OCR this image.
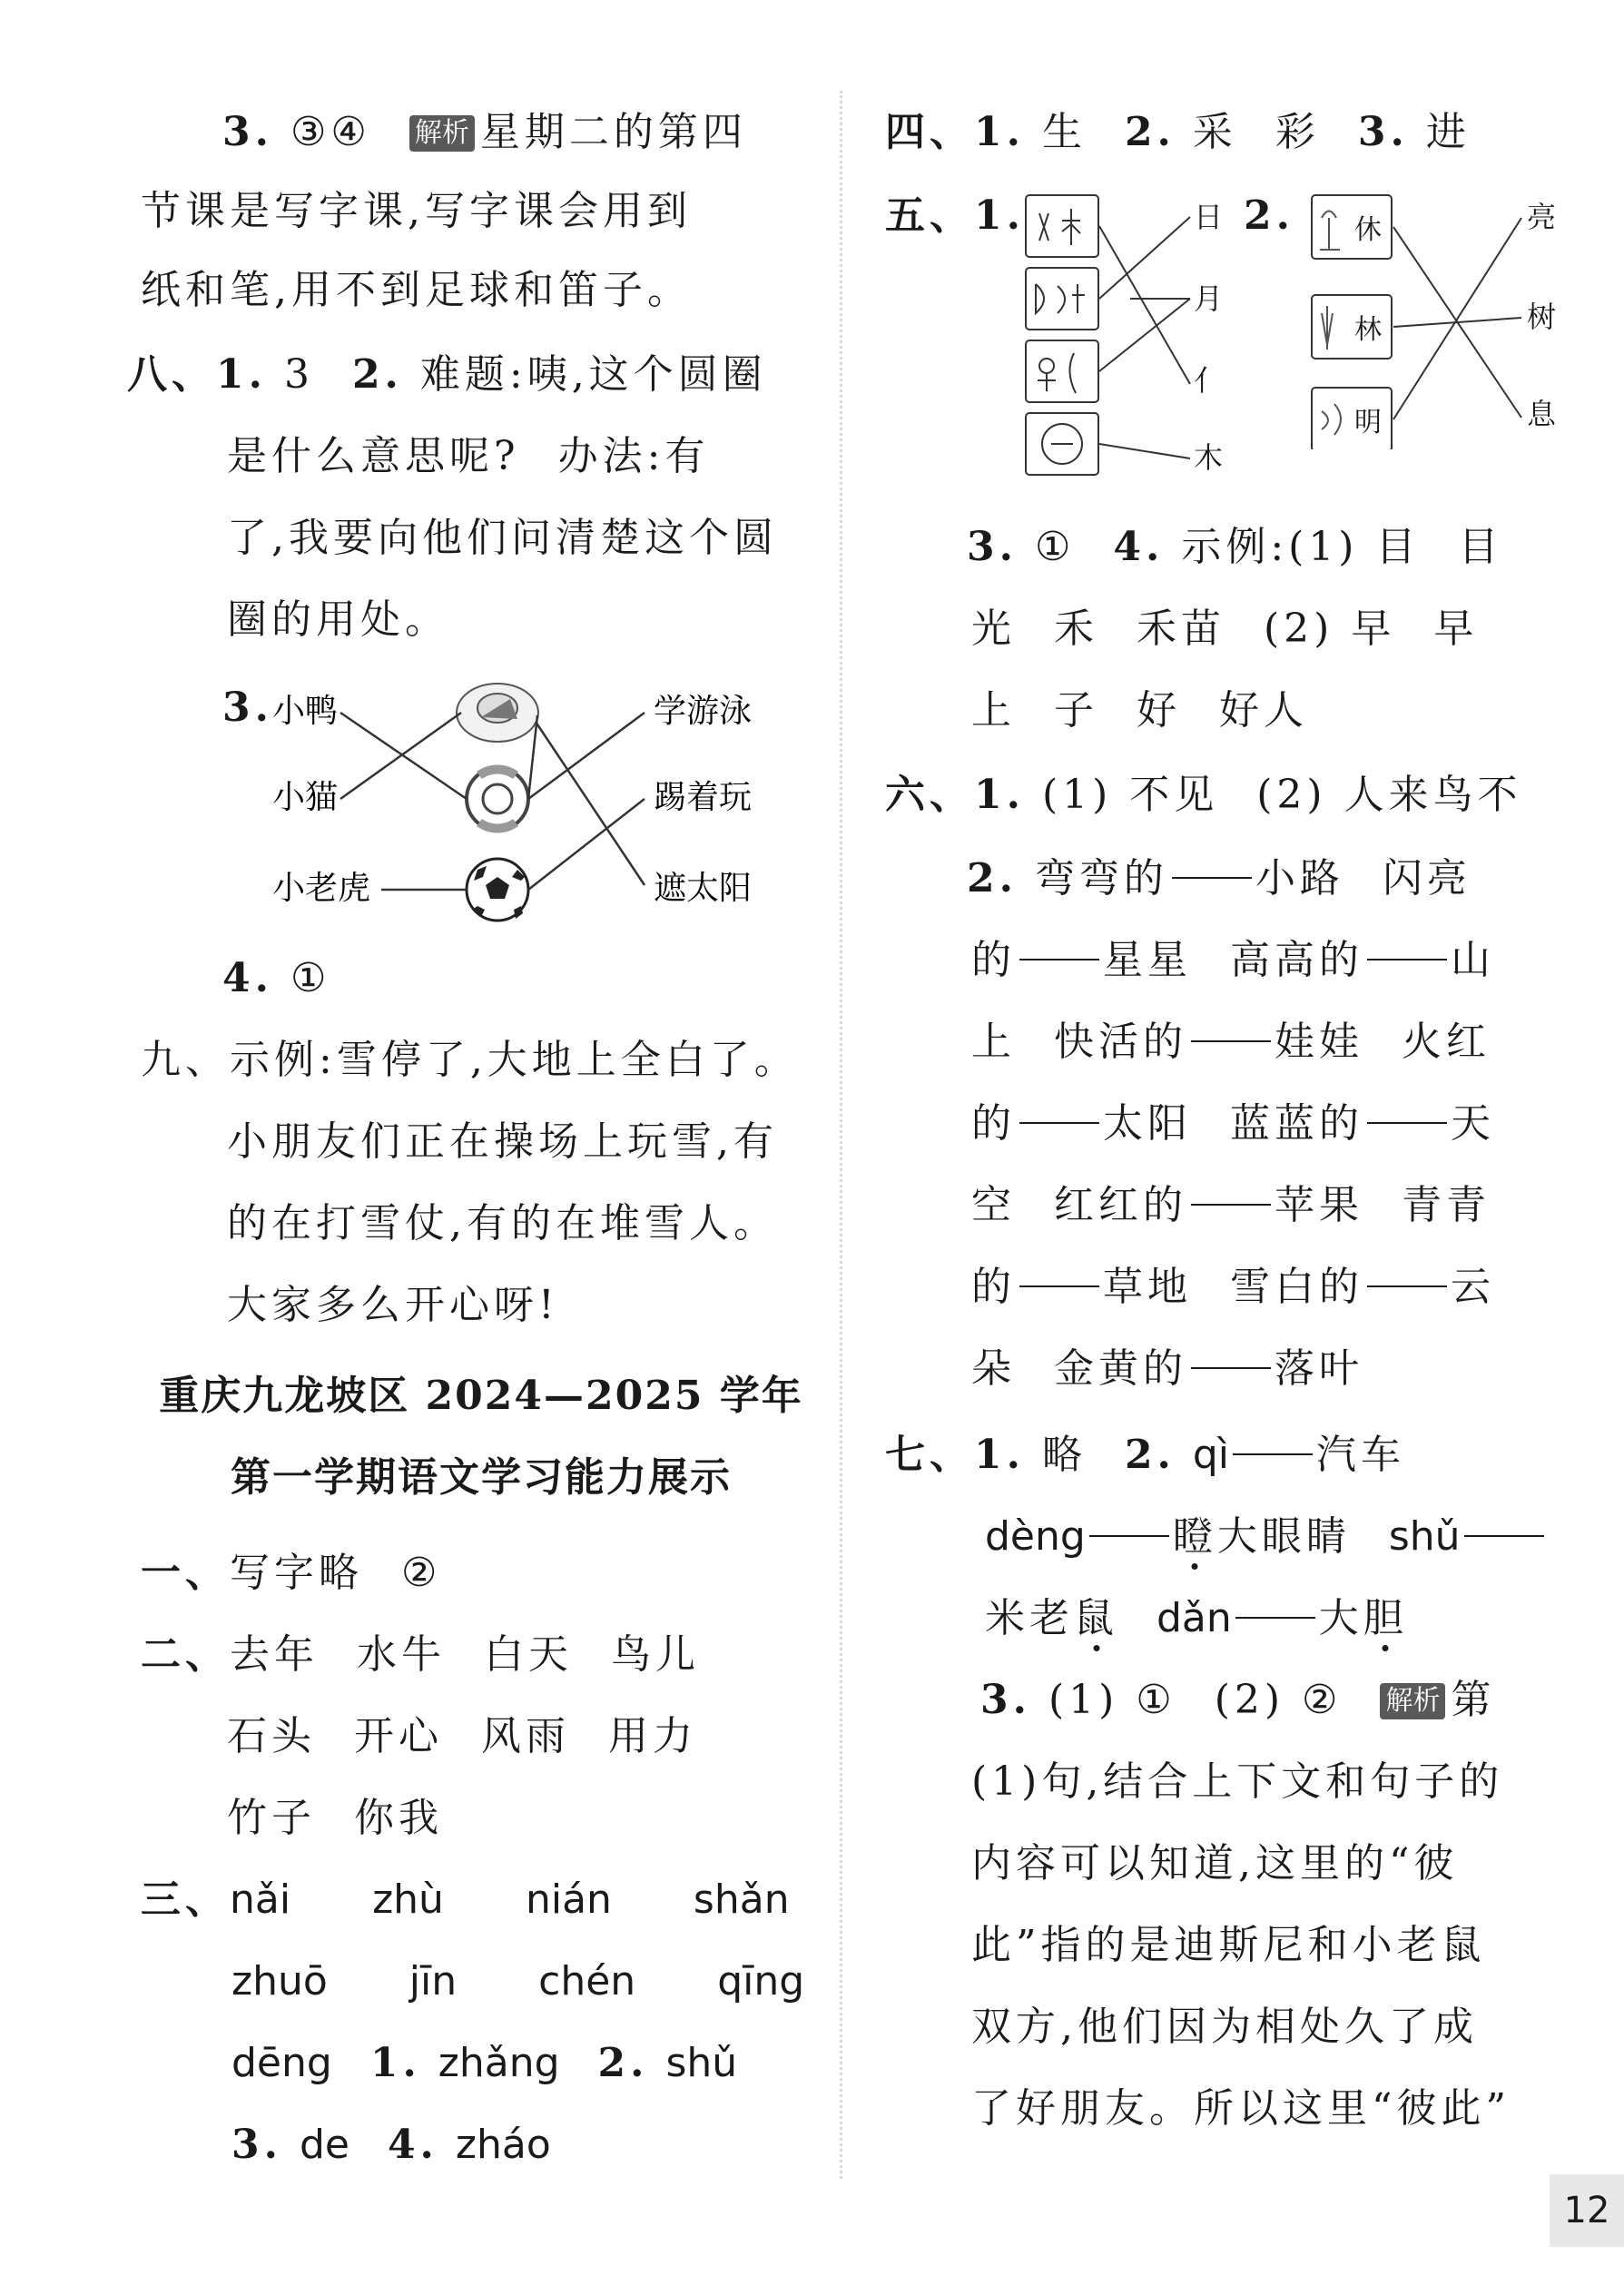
3. ③④ 解析 星期二的第四
节课是写字课,写字课会用到
纸和笔,用不到足球和笛子。
八、1. 3 2. 难题:咦,这个圆圈
是什么意思呢? 办法:有
了,我要向他们问清楚这个圆
圈的用处。
3. 小鸭
小猫
小老虎
学游泳
踢着玩
遮太阳
4. ①
九、示例:雪停了,大地上全白了。
小朋友们正在操场上玩雪,有
的在打雪仗,有的在堆雪人。
大家多么开心呀!
重庆九龙坡区 2024—2025 学年
第一学期语文学习能力展示
一、写字略 ②
二、去年 水牛 白天 鸟儿
石头 开心 风雨 用力
竹子 你我
三、nǎi zhù nián shǎn
zhuō jīn chén qīng
dēng 1. zhǎng 2. shǔ
3. de 4. zháo
四、1. 生 2. 采 彩 3. 进
五、1.	日
月
亻
木
2. 休
林
明
亮
树
息
3. ① 4. 示例:(1) 目 目
光 禾 禾苗 (2) 早 早
上 子 好 好人
六、1. (1) 不见 (2) 人来鸟不
2. 弯弯的 小路 闪亮
的 星星 高高的 山
上 快活的 娃娃 火红
的 太阳 蓝蓝的 天
空 红红的 苹果 青青
的 草地 雪白的 云
朵 金黄的 落叶
七、1. 略 2. qì 汽车
dèng 瞪大眼睛 shǔ
米老鼠 dǎn 大胆
3. (1) ① (2) ② 解析 第
(1)句,结合上下文和句子的
内容可以知道,这里的“彼
此”指的是迪斯尼和小老鼠
双方,他们因为相处久了成
了好朋友。所以这里“彼此”
12
